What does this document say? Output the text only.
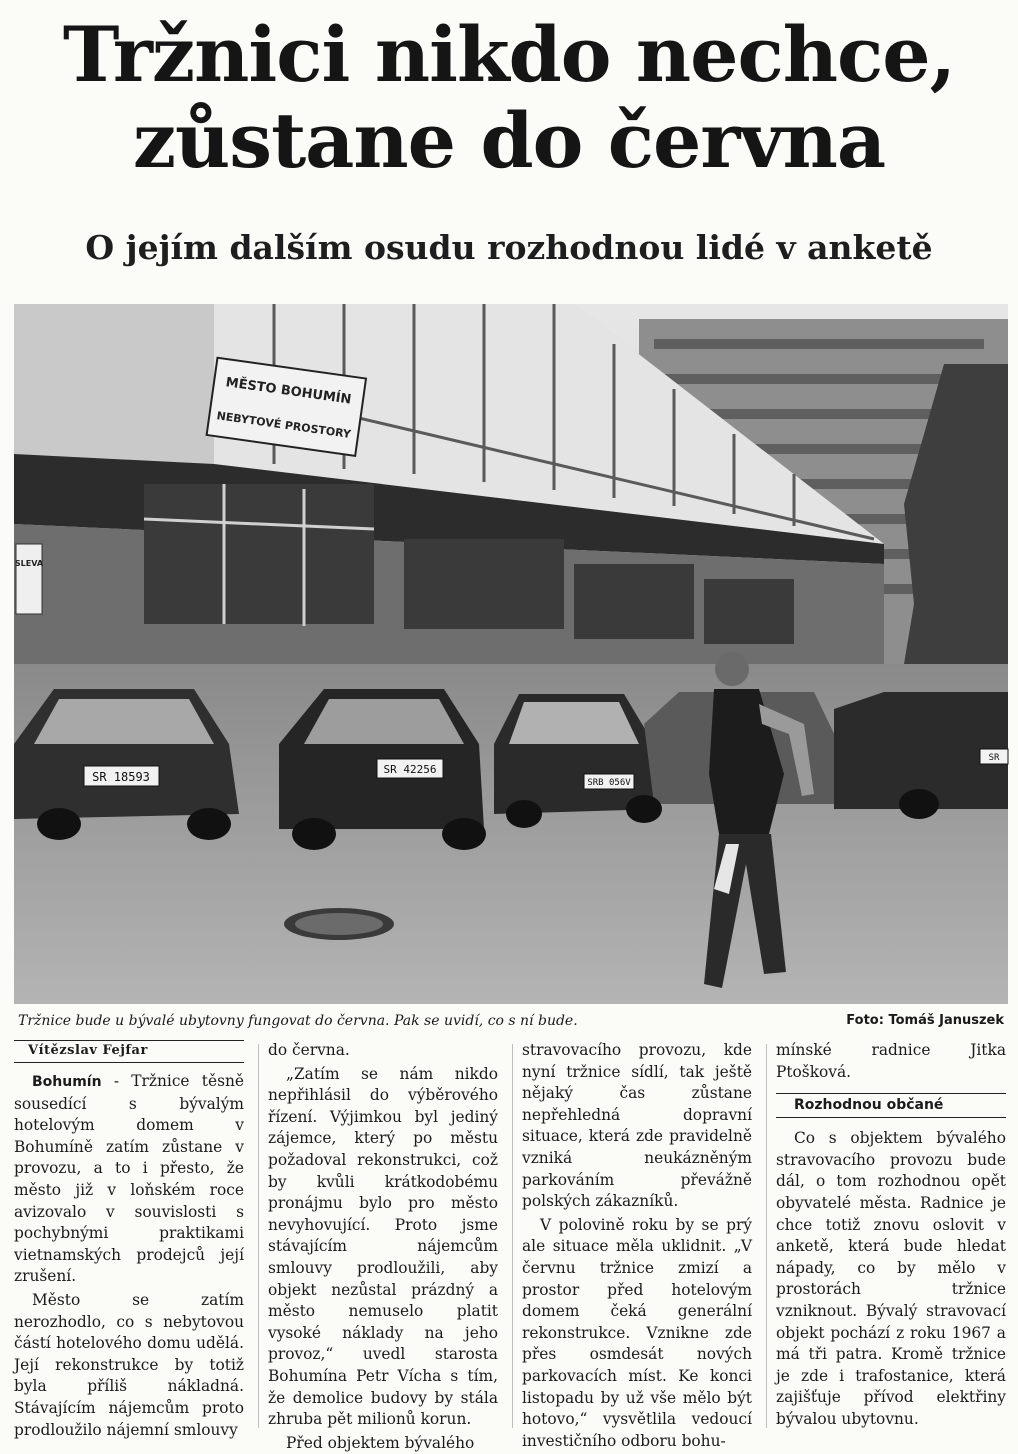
Tržnici nikdo nechce,
zůstane do června
O jejím dalším osudu rozhodnou lidé v anketě
MĚSTO BOHUMÍN
NEBYTOVÉ PROSTORY
SLEVA
SR 18593
SR 42256
SRB 056V
SR
Tržnice bude u bývalé ubytovny fungovat do června. Pak se uvidí, co s ní bude.	Foto: Tomáš Januszek
Vítězslav Fejfar

Bohumín - Tržnice těsně sousedící s bývalým hotelovým domem v Bohumíně zatím zůstane v provozu, a to i přesto, že město již v loňském roce avizovalo v souvislosti s pochybnými praktikami vietnamských prodejců její zrušení.

Město se zatím nerozhodlo, co s nebytovou částí hotelového domu udělá. Její rekonstrukce by totiž byla příliš nákladná. Stávajícím nájemcům proto prodloužilo nájemní smlouvy

do června.

„Zatím se nám nikdo nepřihlásil do výběrového řízení. Výjimkou byl jediný zájemce, který po městu požadoval rekonstrukci, což by kvůli krátkodobému pronájmu bylo pro město nevyhovující. Proto jsme stávajícím nájemcům smlouvy prodloužili, aby objekt nezůstal prázdný a město nemuselo platit vysoké náklady na jeho provoz,“ uvedl starosta Bohumína Petr Vícha s tím, že demolice budovy by stála zhruba pět milionů korun.

Před objektem bývalého

stravovacího provozu, kde nyní tržnice sídlí, tak ještě nějaký čas zůstane nepřehledná dopravní situace, která zde pravidelně vzniká neukázněným parkováním převážně polských zákazníků.

V polovině roku by se prý ale situace měla uklidnit. „V červnu tržnice zmizí a prostor před hotelovým domem čeká generální rekonstrukce. Vznikne zde přes osmdesát nových parkovacích míst. Ke konci listopadu by už vše mělo být hotovo,“ vysvětlila vedoucí investičního odboru bohu-

mínské radnice Jitka Ptošková.

Rozhodnou občané

Co s objektem bývalého stravovacího provozu bude dál, o tom rozhodnou opět obyvatelé města. Radnice je chce totiž znovu oslovit v anketě, která bude hledat nápady, co by mělo v prostorách tržnice vzniknout. Bývalý stravovací objekt pochází z roku 1967 a má tři patra. Kromě tržnice je zde i trafostanice, která zajišťuje přívod elektřiny bývalou ubytovnu.
